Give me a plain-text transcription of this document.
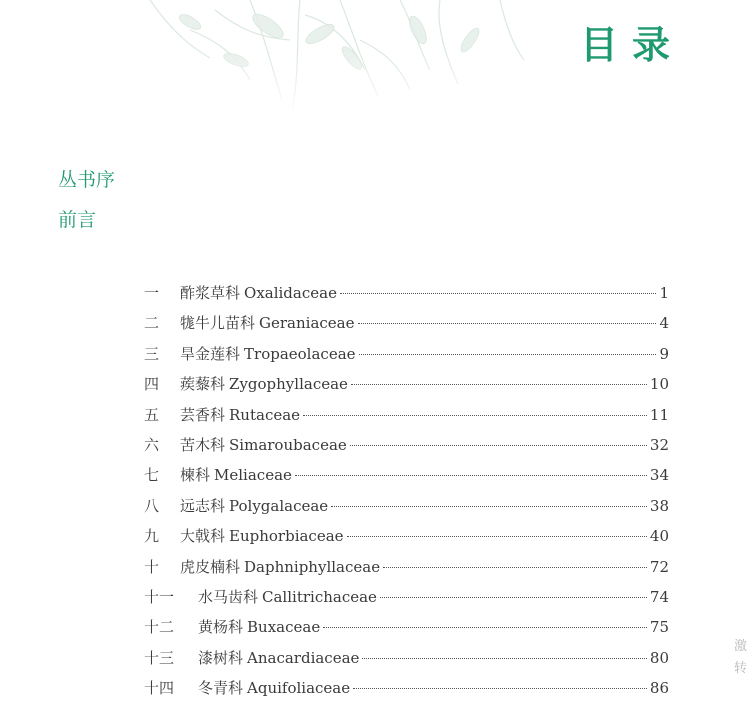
目录
丛书序
前言
一	酢浆草科 Oxalidaceae	1
二	牻牛儿苗科 Geraniaceae	4
三	旱金莲科 Tropaeolaceae	9
四	蒺藜科 Zygophyllaceae	10
五	芸香科 Rutaceae	11
六	苦木科 Simaroubaceae	32
七	楝科 Meliaceae	34
八	远志科 Polygalaceae	38
九	大戟科 Euphorbiaceae	40
十	虎皮楠科 Daphniphyllaceae	72
十一	水马齿科 Callitrichaceae	74
十二	黄杨科 Buxaceae	75
十三	漆树科 Anacardiaceae	80
十四	冬青科 Aquifoliaceae	86
激
转
